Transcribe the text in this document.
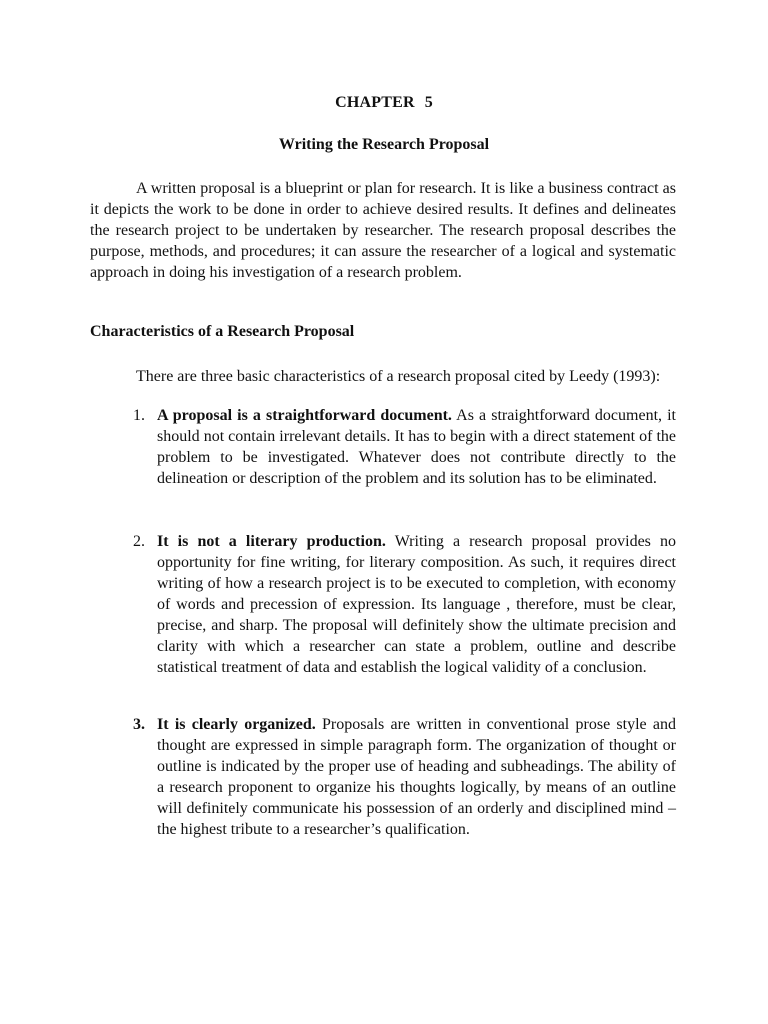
CHAPTER 5
Writing the Research Proposal

A written proposal is a blueprint or plan for research. It is like a business contract as it depicts the work to be done in order to achieve desired results. It defines and delineates the research project to be undertaken by researcher. The research proposal describes the purpose, methods, and procedures; it can assure the researcher of a logical and systematic approach in doing his investigation of a research problem.

Characteristics of a Research Proposal

There are three basic characteristics of a research proposal cited by Leedy (1993):

1. A proposal is a straightforward document. As a straightforward document, it should not contain irrelevant details. It has to begin with a direct statement of the problem to be investigated. Whatever does not contribute directly to the delineation or description of the problem and its solution has to be eliminated.
2. It is not a literary production. Writing a research proposal provides no opportunity for fine writing, for literary composition. As such, it requires direct writing of how a research project is to be executed to completion, with economy of words and precession of expression. Its language , therefore, must be clear, precise, and sharp. The proposal will definitely show the ultimate precision and clarity with which a researcher can state a problem, outline and describe statistical treatment of data and establish the logical validity of a conclusion.
3. It is clearly organized. Proposals are written in conventional prose style and thought are expressed in simple paragraph form. The organization of thought or outline is indicated by the proper use of heading and subheadings. The ability of a research proponent to organize his thoughts logically, by means of an outline will definitely communicate his possession of an orderly and disciplined mind – the highest tribute to a researcher’s qualification.
